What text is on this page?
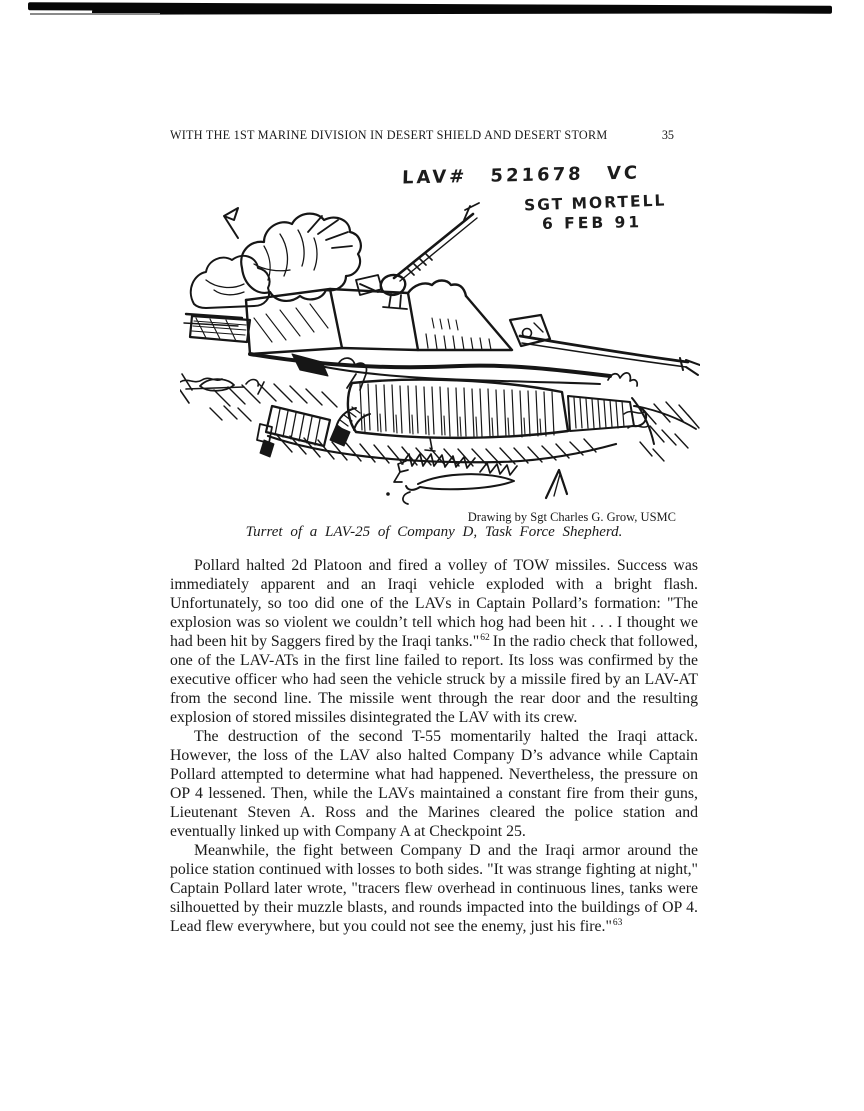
WITH THE 1ST MARINE DIVISION IN DESERT SHIELD AND DESERT STORM	35
LAV# 521678 VC
SGT MORTELL
6 FEB 91
Drawing by Sgt Charles G. Grow, USMC
Turret of a LAV-25 of Company D, Task Force Shepherd.

Pollard halted 2d Platoon and fired a volley of TOW missiles. Success was immediately apparent and an Iraqi vehicle exploded with a bright flash. Unfortunately, so too did one of the LAVs in Captain Pollard’s formation: "The explosion was so violent we couldn’t tell which hog had been hit . . . I thought we had been hit by Saggers fired by the Iraqi tanks."$^{62}$ In the radio check that followed, one of the LAV-ATs in the first line failed to report. Its loss was confirmed by the executive officer who had seen the vehicle struck by a missile fired by an LAV-AT from the second line. The missile went through the rear door and the resulting explosion of stored missiles disintegrated the LAV with its crew.

The destruction of the second T-55 momentarily halted the Iraqi attack. However, the loss of the LAV also halted Company D’s advance while Captain Pollard attempted to determine what had happened. Nevertheless, the pressure on OP 4 lessened. Then, while the LAVs maintained a constant fire from their guns, Lieutenant Steven A. Ross and the Marines cleared the police station and eventually linked up with Company A at Checkpoint 25.

Meanwhile, the fight between Company D and the Iraqi armor around the police station continued with losses to both sides. "It was strange fighting at night," Captain Pollard later wrote, "tracers flew overhead in continuous lines, tanks were silhouetted by their muzzle blasts, and rounds impacted into the buildings of OP 4. Lead flew everywhere, but you could not see the enemy, just his fire."$^{63}$
